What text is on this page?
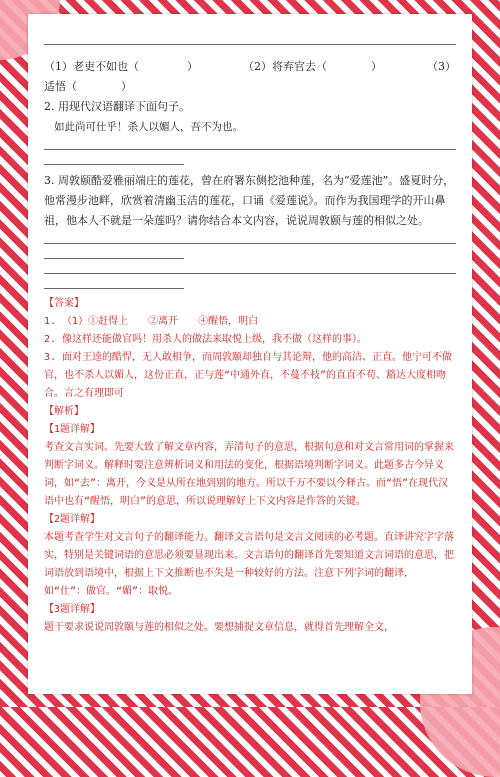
（1）老吏不如也（	）	（2）将弃官去（	）	（3）
适悟（　　　　）
2. 用现代汉语翻译下面句子。
如此尚可仕乎！杀人以媚人，吾不为也。
3. 周敦颐酷爱雅丽端庄的莲花，曾在府署东侧挖池种莲，名为“爱莲池”。盛夏时分，他常漫步池畔，欣赏着清幽玉洁的莲花，口诵《爱莲说》。而作为我国理学的开山鼻祖，他本人不就是一朵莲吗？请你结合本文内容，说说周敦颐与莲的相似之处。

【答案】

1. （1）①赶得上　　②离开　　④醒悟，明白

2. 像这样还能做官吗！用杀人的做法来取悦上级，我不做（这样的事）。

3. 面对王逵的酷悍，无人敢相争，而周敦颐却独自与其论辩，他的高洁、正直。他宁可不做官，也不杀人以媚人，这份正直，正与莲“中通外直，不蔓不枝”的直直不苟、豁达大度相吻合。言之有理即可

【解析】

【1题详解】

考查文言实词。先要大致了解文章内容，弄清句子的意思，根据句意和对文言常用词的掌握来判断字词义。解释时要注意辨析词义和用法的变化，根据语境判断字词义。此题多古今异义词，如“去”：离开，今义是从所在地到别的地方。所以千万不要以今释古。而“悟”在现代汉语中也有“醒悟，明白”的意思，所以说理解好上下文内容是作答的关键。

【2题详解】

本题考查学生对文言句子的翻译能力。翻译文言语句是文言文阅读的必考题。直译讲究字字落实，特别是关键词语的意思必须要显现出来。文言语句的翻译首先要知道文言词语的意思，把词语放到语境中，根据上下文推断也不失是一种较好的方法。注意下列字词的翻译，如“仕”：做官。“媚”：取悦。

【3题详解】

题干要求说说周敦颐与莲的相似之处。要想捕捉文章信息，就得首先理解全文，
